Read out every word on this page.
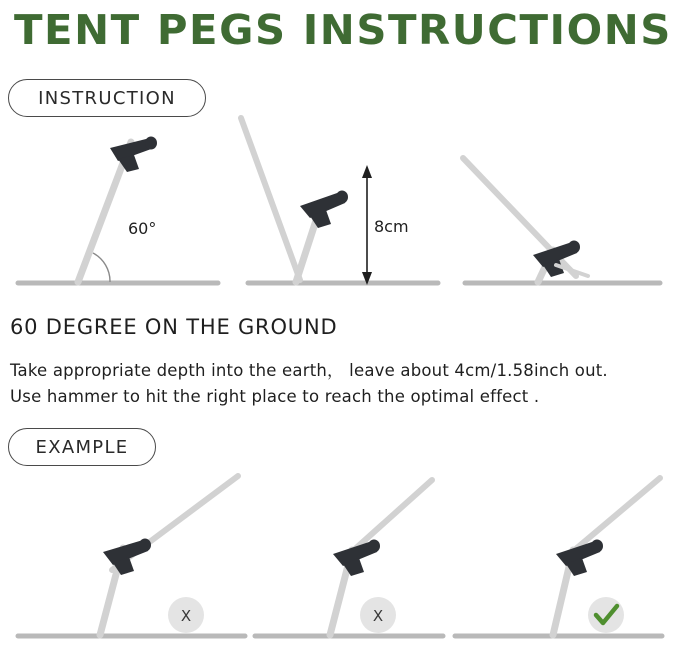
TENT PEGS INSTRUCTIONS
INSTRUCTION
60°	8cm
60 DEGREE ON THE GROUND
Take appropriate depth into the earth， leave about 4cm/1.58inch out.
Use hammer to hit the right place to reach the optimal effect .
EXAMPLE
X	X
